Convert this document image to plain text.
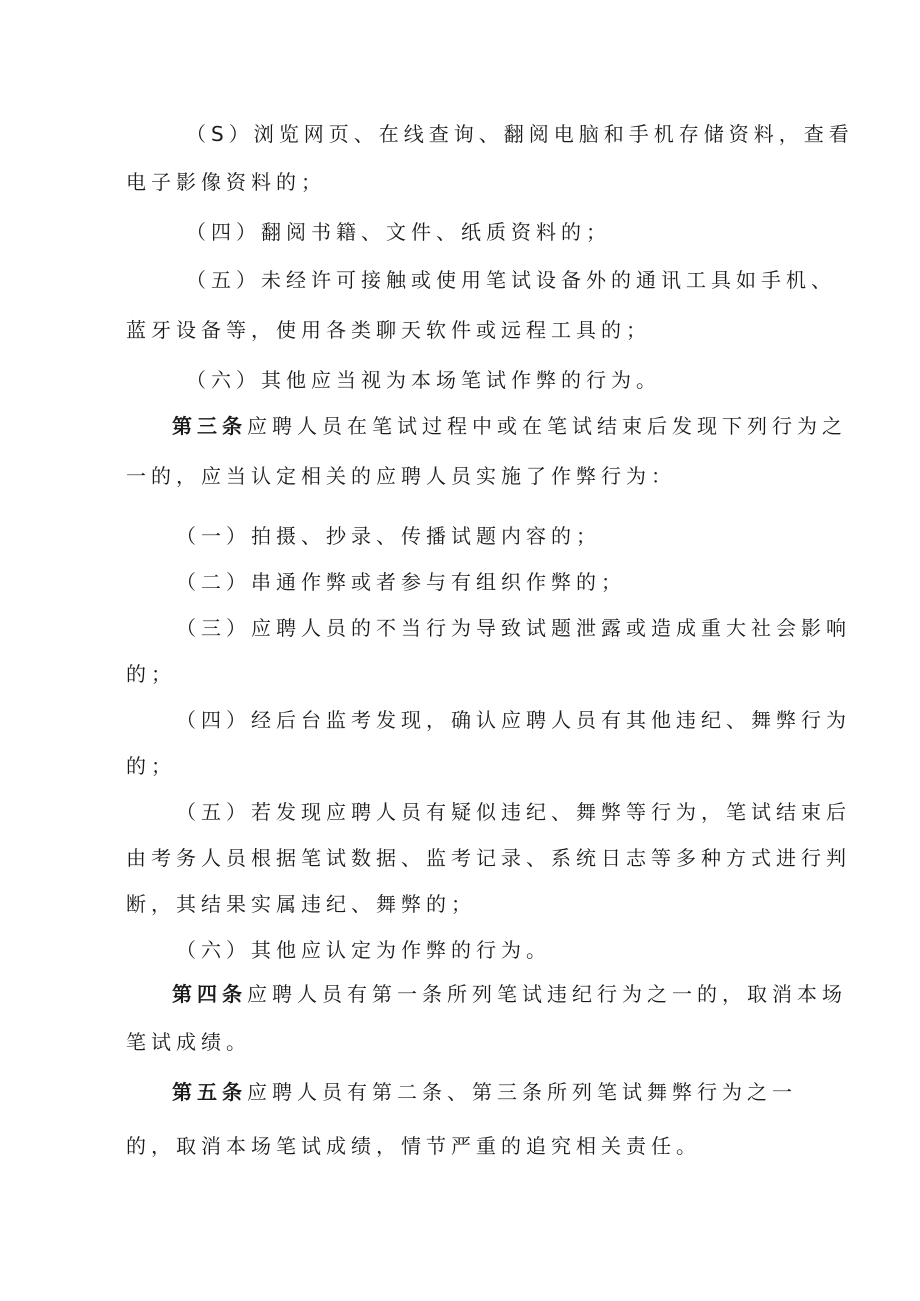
（S）浏览网页、在线查询、翻阅电脑和手机存储资料，查看
电子影像资料的；
（四）翻阅书籍、文件、纸质资料的；
（五）未经许可接触或使用笔试设备外的通讯工具如手机、
蓝牙设备等，使用各类聊天软件或远程工具的；
（六）其他应当视为本场笔试作弊的行为。
第三条应聘人员在笔试过程中或在笔试结束后发现下列行为之
一的，应当认定相关的应聘人员实施了作弊行为：
（一）拍摄、抄录、传播试题内容的；
（二）串通作弊或者参与有组织作弊的；
（三）应聘人员的不当行为导致试题泄露或造成重大社会影响
的；
（四）经后台监考发现，确认应聘人员有其他违纪、舞弊行为
的；
（五）若发现应聘人员有疑似违纪、舞弊等行为，笔试结束后
由考务人员根据笔试数据、监考记录、系统日志等多种方式进行判
断，其结果实属违纪、舞弊的；
（六）其他应认定为作弊的行为。
第四条应聘人员有第一条所列笔试违纪行为之一的，取消本场
笔试成绩。
第五条应聘人员有第二条、第三条所列笔试舞弊行为之一
的，取消本场笔试成绩，情节严重的追究相关责任。
